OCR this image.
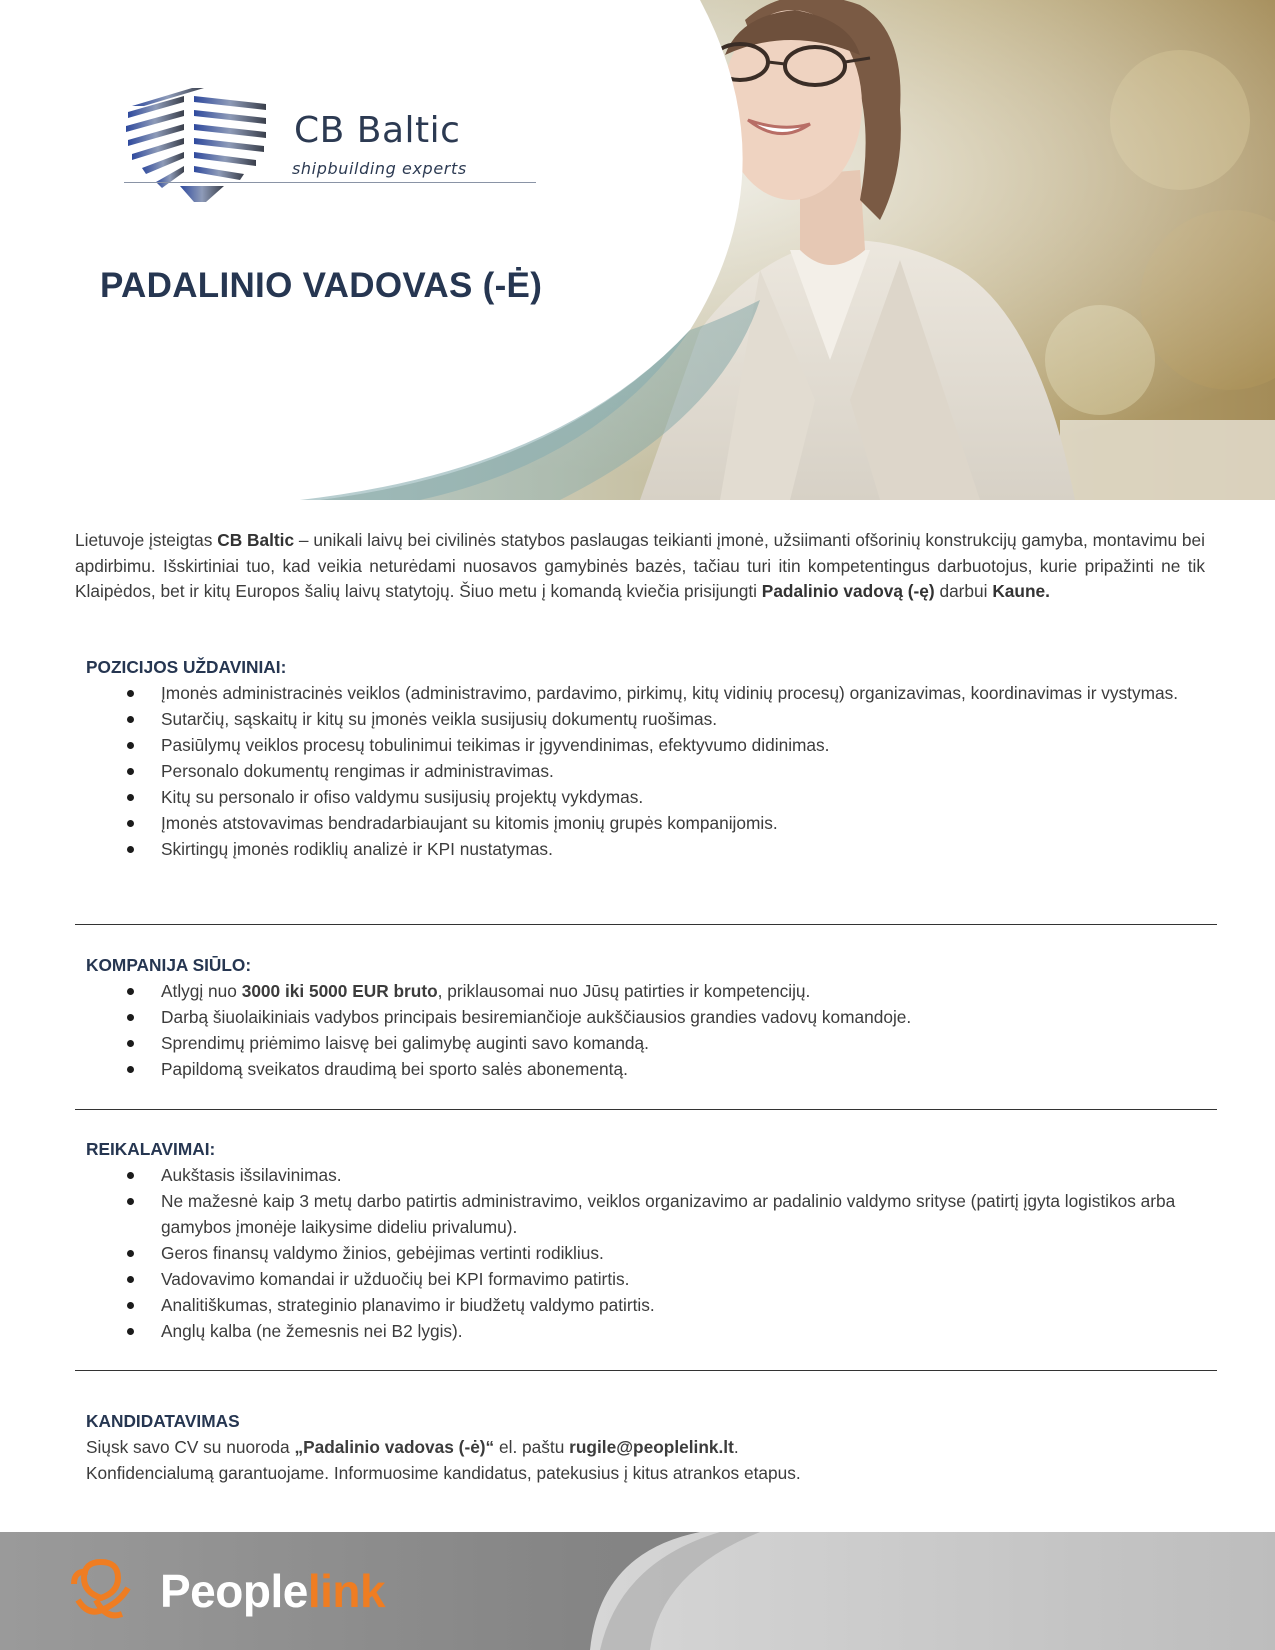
CB Baltic
shipbuilding experts
PADALINIO VADOVAS (-Ė)

Lietuvoje įsteigtas CB Baltic – unikali laivų bei civilinės statybos paslaugas teikianti įmonė, užsiimanti ofšorinių konstrukcijų gamyba, montavimu bei apdirbimu. Išskirtiniai tuo, kad veikia neturėdami nuosavos gamybinės bazės, tačiau turi itin kompetentingus darbuotojus, kurie pripažinti ne tik Klaipėdos, bet ir kitų Europos šalių laivų statytojų. Šiuo metu į komandą kviečia prisijungti Padalinio vadovą (-ę) darbui Kaune.

POZICIJOS UŽDAVINIAI:
Įmonės administracinės veiklos (administravimo, pardavimo, pirkimų, kitų vidinių procesų) organizavimas, koordinavimas ir vystymas.
Sutarčių, sąskaitų ir kitų su įmonės veikla susijusių dokumentų ruošimas.
Pasiūlymų veiklos procesų tobulinimui teikimas ir įgyvendinimas, efektyvumo didinimas.
Personalo dokumentų rengimas ir administravimas.
Kitų su personalo ir ofiso valdymu susijusių projektų vykdymas.
Įmonės atstovavimas bendradarbiaujant su kitomis įmonių grupės kompanijomis.
Skirtingų įmonės rodiklių analizė ir KPI nustatymas.
KOMPANIJA SIŪLO:
Atlygį nuo 3000 iki 5000 EUR bruto, priklausomai nuo Jūsų patirties ir kompetencijų.
Darbą šiuolaikiniais vadybos principais besiremiančioje aukščiausios grandies vadovų komandoje.
Sprendimų priėmimo laisvę bei galimybę auginti savo komandą.
Papildomą sveikatos draudimą bei sporto salės abonementą.
REIKALAVIMAI:
Aukštasis išsilavinimas.
Ne mažesnė kaip 3 metų darbo patirtis administravimo, veiklos organizavimo ar padalinio valdymo srityse (patirtį įgyta logistikos arba gamybos įmonėje laikysime dideliu privalumu).
Geros finansų valdymo žinios, gebėjimas vertinti rodiklius.
Vadovavimo komandai ir užduočių bei KPI formavimo patirtis.
Analitiškumas, strateginio planavimo ir biudžetų valdymo patirtis.
Anglų kalba (ne žemesnis nei B2 lygis).
KANDIDATAVIMAS

Siųsk savo CV su nuoroda „Padalinio vadovas (-ė)“ el. paštu rugile@peoplelink.lt.

Konfidencialumą garantuojame. Informuosime kandidatus, patekusius į kitus atrankos etapus.

Peoplelink
